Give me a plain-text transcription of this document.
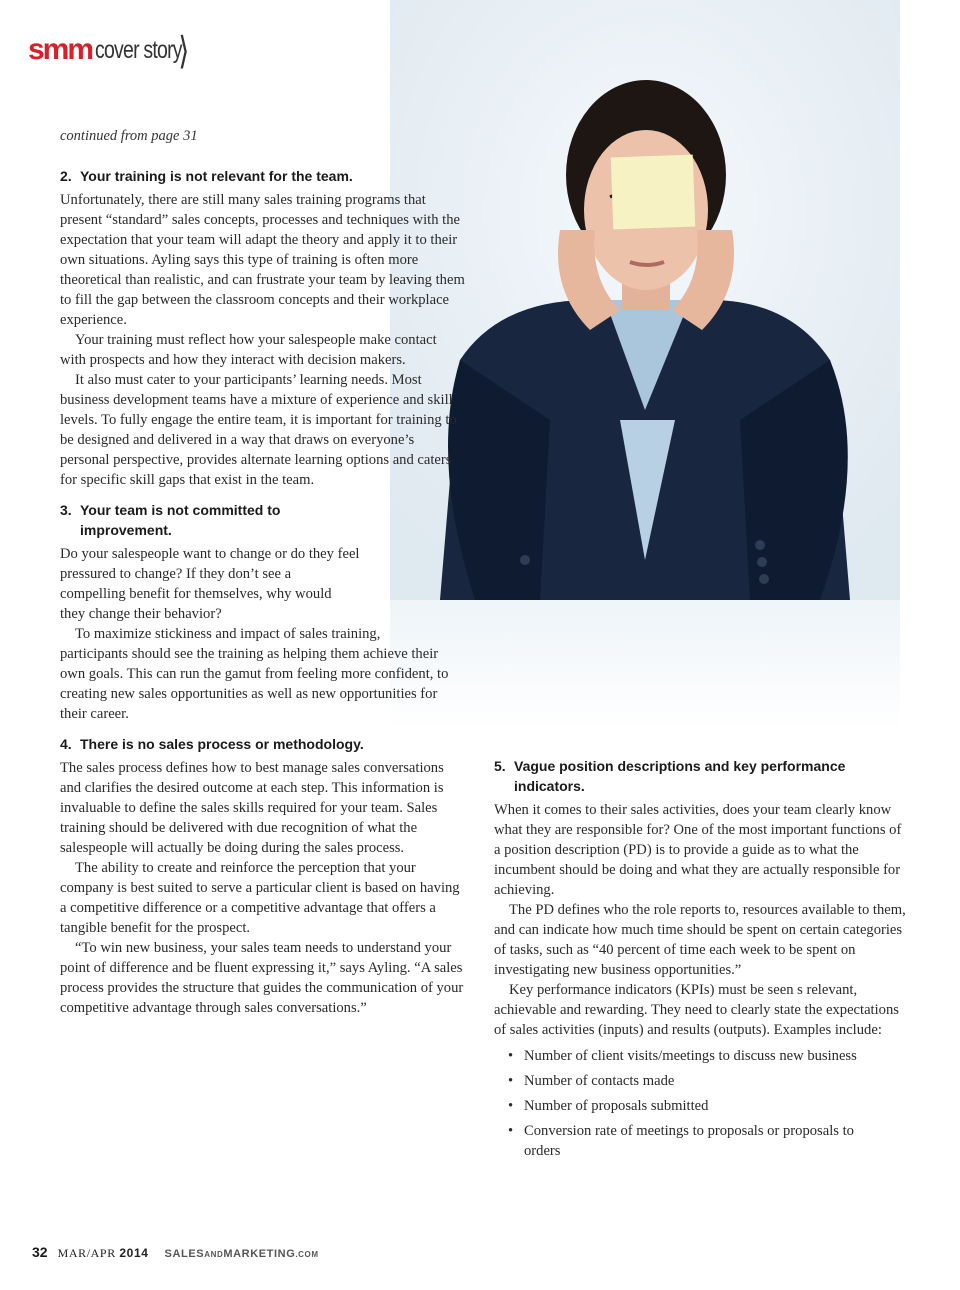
smm cover story
⟩

continued from page 31

2. Your training is not relevant for the team.

Unfortunately, there are still many sales training programs that present “standard” sales concepts, processes and techniques with the expectation that your team will adapt the theory and apply it to their own situations. Ayling says this type of training is often more theoretical than realistic, and can frustrate your team by leaving them to fill the gap between the classroom concepts and their workplace experience.

Your training must reflect how your salespeople make contact with prospects and how they interact with decision makers.

It also must cater to your participants’ learning needs. Most business development teams have a mixture of experience and skill levels. To fully engage the entire team, it is important for training to be designed and delivered in a way that draws on everyone’s personal perspective, provides alternate learning options and caters for specific skill gaps that exist in the team.

3. Your team is not committed to
improvement.

Do your salespeople want to change or do they feel pressured to change? If they don’t see a compelling benefit for themselves, why would they change their behavior?

To maximize stickiness and impact of sales training, participants should see the training as helping them achieve their own goals. This can run the gamut from feeling more confident, to creating new sales opportunities as well as new opportunities for their career.

4. There is no sales process or methodology.

The sales process defines how to best manage sales conversations and clarifies the desired outcome at each step. This information is invaluable to define the sales skills required for your team. Sales training should be delivered with due recognition of what the salespeople will actually be doing during the sales process.

The ability to create and reinforce the perception that your company is best suited to serve a particular client is based on having a competitive difference or a competitive advantage that offers a tangible benefit for the prospect.

“To win new business, your sales team needs to understand your point of difference and be fluent expressing it,” says Ayling. “A sales process provides the structure that guides the communication of your competitive advantage through sales conversations.”

5. Vague position descriptions and key performance
indicators.

When it comes to their sales activities, does your team clearly know what they are responsible for? One of the most important functions of a position description (PD) is to provide a guide as to what the incumbent should be doing and what they are actually responsible for achieving.

The PD defines who the role reports to, resources available to them, and can indicate how much time should be spent on certain categories of tasks, such as “40 percent of time each week to be spent on investigating new business opportunities.”

Key performance indicators (KPIs) must be seen s relevant, achievable and rewarding. They need to clearly state the expectations of sales activities (inputs) and results (outputs). Examples include:

• Number of client visits/meetings to discuss new business
• Number of contacts made
• Number of proposals submitted
• Conversion rate of meetings to proposals or proposals to orders
32 MAR/APR 2014 SALESANDMARKETING.COM
